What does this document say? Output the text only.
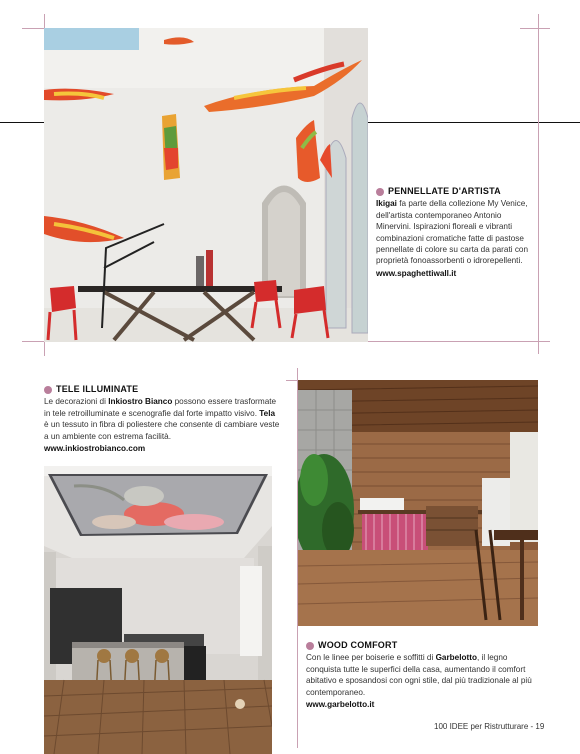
PENNELLATE D'ARTISTA
Ikigai fa parte della collezione My Venice, dell'artista contemporaneo Antonio Minervini. Ispirazioni floreali e vibranti combinazioni cromatiche fatte di pastose pennellate di colore su carta da parati con proprietà fonoassorbenti o idrorepellenti.
www.spaghettiwall.it
TELE ILLUMINATE
Le decorazioni di Inkiostro Bianco possono essere trasformate in tele retroilluminate e scenografie dal forte impatto visivo. Tela è un tessuto in fibra di poliestere che consente di cambiare veste a un ambiente con estrema facilità.
www.inkiostrobianco.com
WOOD COMFORT
Con le linee per boiserie e soffitti di Garbelotto, il legno conquista tutte le superfici della casa, aumentando il comfort abitativo e sposandosi con ogni stile, dal più tradizionale al più contemporaneo.
www.garbelotto.it
100 IDEE per Ristrutturare - 19
